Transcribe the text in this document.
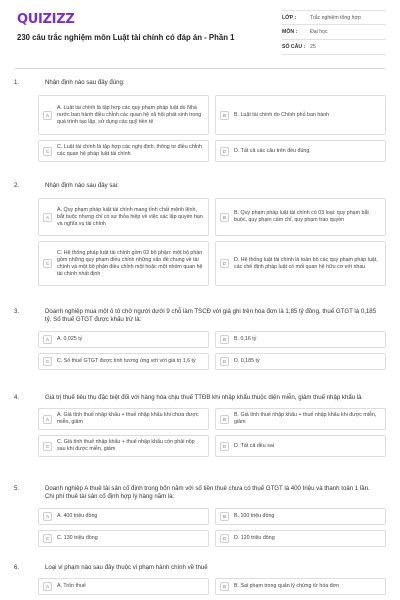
QUIZIZZ
230 câu trắc nghiệm môn Luật tài chính có đáp án - Phần 1
LỚP :	Trắc nghiệm tổng hợp
MÔN :	Đại học
SỐ CÂU : 25
1.	Nhận định nào sau đây đúng:
A
A. Luật tài chính là tập hợp các quy phạm pháp luật do Nhà nước ban hành điều chỉnh các quan hệ xã hội phát sinh trong quá trình tạo lập, sử dụng các quỹ tiền tệ
B	B. Luật tài chính do Chính phủ ban hành
C
C. Luật tài chính là tập hợp các nghị định, thông tư điều chỉnh các quan hệ pháp luật tài chính	D	D. Tất cả các câu trên đều đúng.
2.	Nhận định nào sau đây sai:
A
A. Quy phạm pháp luật tài chính mang tính chất mệnh lệnh, bắt buộc nhưng chỉ có sự thỏa hiệp về việc xác lập quyền hạn và nghĩa vụ tài chính
B
B. Quy phạm pháp luật tài chính có 03 loại: quy phạm bắt buộc, quy phạm cấm chỉ, quy phạm trao quyền
C
C. Hệ thống pháp luật tài chính gồm 02 bộ phận: một bộ phận gồm những quy phạm điều chỉnh những vấn đề chung về tài chính và một bộ phận điều chỉnh một hoặc một nhóm quan hệ tài chính nhất định
D
D. Hệ thống luật tài chính là toàn bộ các quy phạm pháp luật, các chế định pháp luật có mối quan hệ hữu cơ với nhau
3.	Doanh nghiệp mua một ô tô chở người dưới 9 chỗ làm TSCĐ với giá ghi trên hóa đơn là 1,85 tỷ đồng, thuế GTGT là 0,185 tỷ. Số thuế GTGT được khấu trừ là:
A	A. 0,025 tỷ	B	B. 0,16 tỷ
C	C. Số thuế GTGT được tính tương ứng với với giá trị 1,6 tỷ	D	D. 0,185 tỷ
4.	Giá trị thuế tiêu thụ đặc biệt đối với hàng hóa chịu thuế TTĐB khi nhập khẩu thuộc diện miễn, giảm thuế nhập khẩu là
A
A. Giá tính thuế nhập khẩu + thuế nhập khẩu khi chưa được miễn, giảm	B
B. Giá tính thuế nhập khẩu + thuế nhập khẩu khi được miễn, giảm
C
C. Giá tính thuế nhập khẩu + thuế nhập khẩu còn phải nộp sau khi được miễn, giảm	D	D. Tất cả đều sai
5.	Doanh nghiệp A thuê tài sản cố định trong bốn năm với số tiền thuê chưa có thuế GTGT là 400 triệu và thanh toán 1 lần. Chi phí thuê tài sản cố định hợp lý hàng năm là:
A	A. 400 triệu đồng	B	B. 100 triệu đồng
C	C. 130 triệu đồng	D	D. 120 triệu đồng
6.	Loại vi phạm nào sau đây thuộc vi phạm hành chính về thuế
A	A. Trốn thuế	B	B. Sai phạm trong quản lý chứng từ hóa đơn
